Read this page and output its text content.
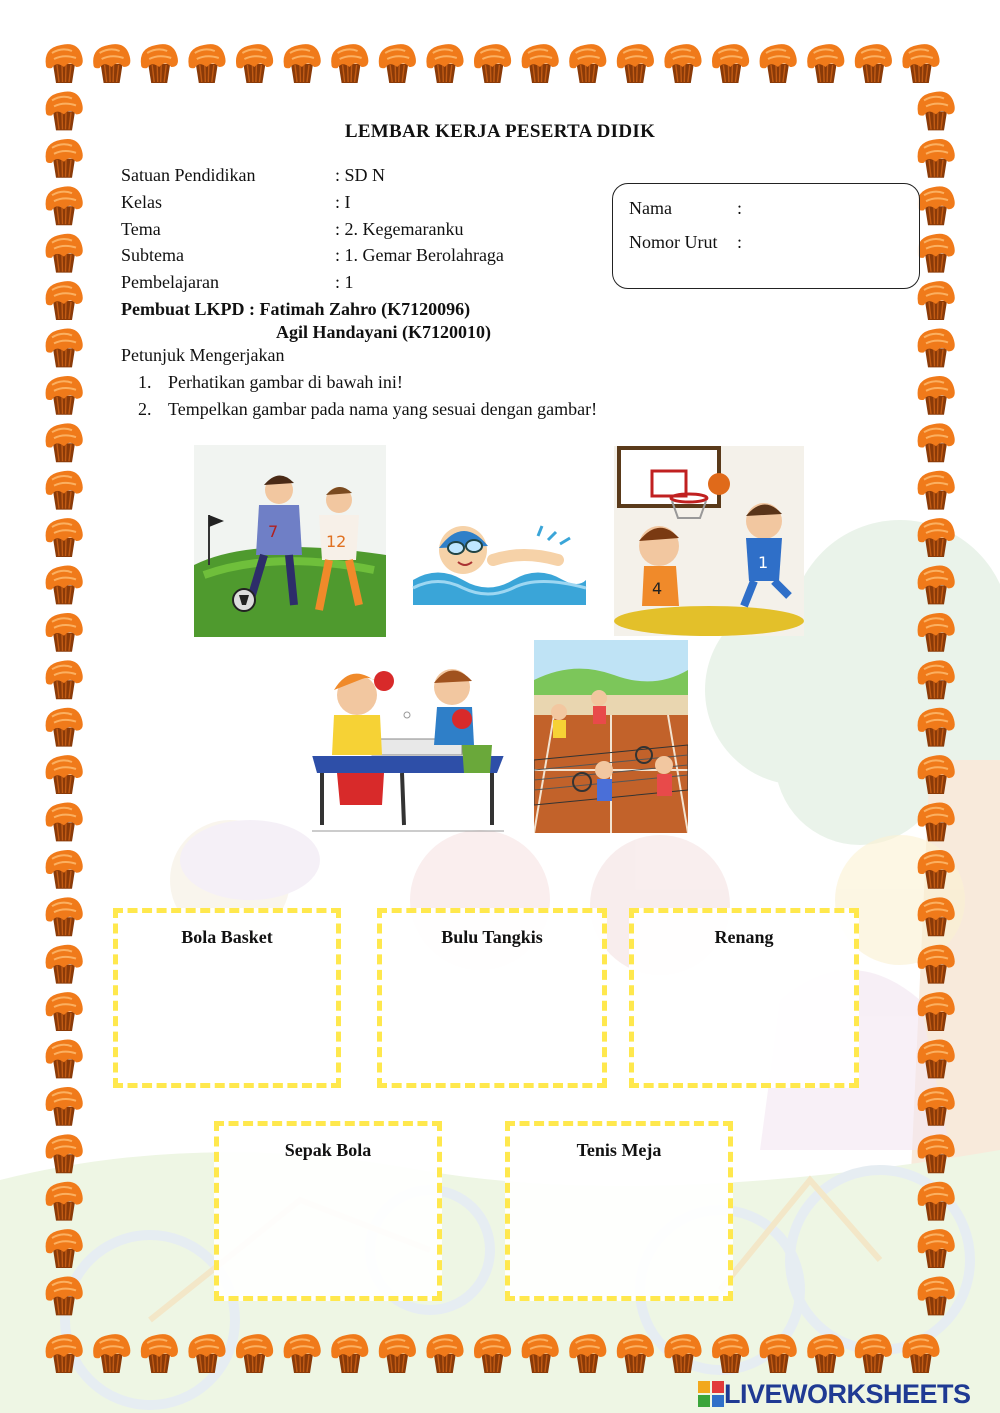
LEMBAR KERJA PESERTA DIDIK
Satuan Pendidikan	: SD N
Kelas	: I
Tema	: 2. Kegemaranku
Subtema	: 1. Gemar Berolahraga
Pembelajaran	: 1
Pembuat LKPD : Fatimah Zahro (K7120096)
Agil Handayani (K7120010)
Nama	:
Nomor Urut :
Petunjuk Mengerjakan
1. Perhatikan gambar di bawah ini!
2. Tempelkan gambar pada nama yang sesuai dengan gambar!
7
12
4
1
Bola Basket	Bulu Tangkis	Renang
Sepak Bola	Tenis Meja
LIVEWORKSHEETS
